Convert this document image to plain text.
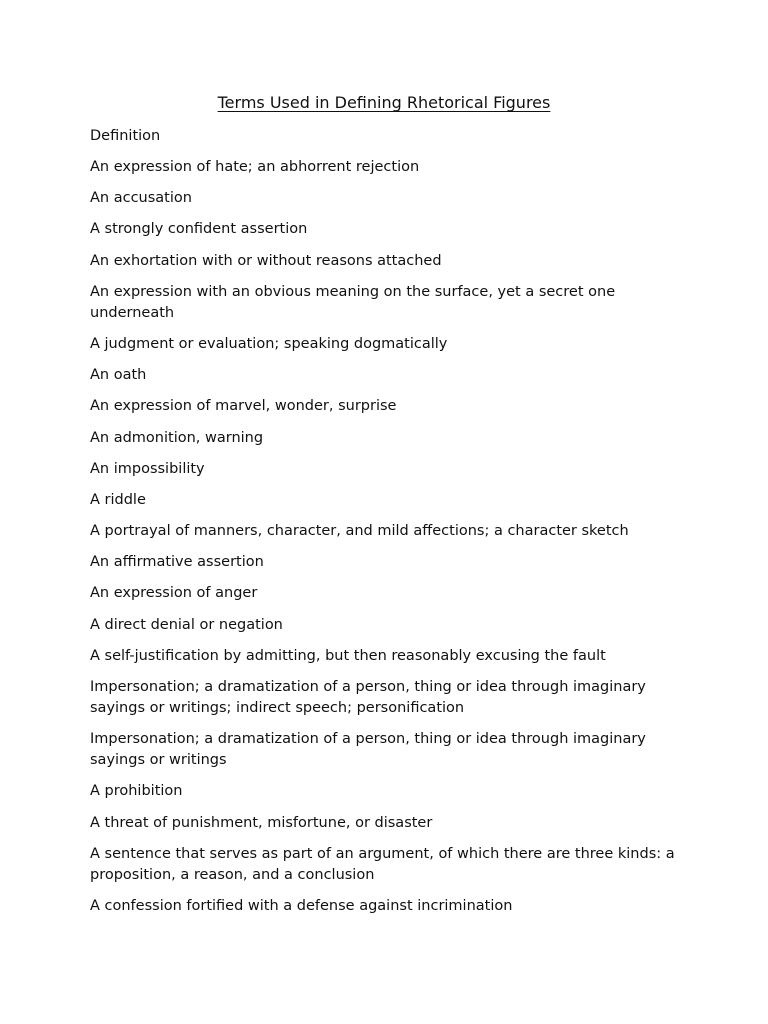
Terms Used in Defining Rhetorical Figures

Definition

An expression of hate; an abhorrent rejection
An accusation
A strongly confident assertion
An exhortation with or without reasons attached
An expression with an obvious meaning on the surface, yet a secret one underneath
A judgment or evaluation; speaking dogmatically
An oath
An expression of marvel, wonder, surprise
An admonition, warning
An impossibility
A riddle
A portrayal of manners, character, and mild affections; a character sketch
An affirmative assertion
An expression of anger
A direct denial or negation
A self-justification by admitting, but then reasonably excusing the fault
Impersonation; a dramatization of a person, thing or idea through imaginary sayings or writings; indirect speech; personification
Impersonation; a dramatization of a person, thing or idea through imaginary sayings or writings
A prohibition
A threat of punishment, misfortune, or disaster
A sentence that serves as part of an argument, of which there are three kinds: a proposition, a reason, and a conclusion
A confession fortified with a defense against incrimination
